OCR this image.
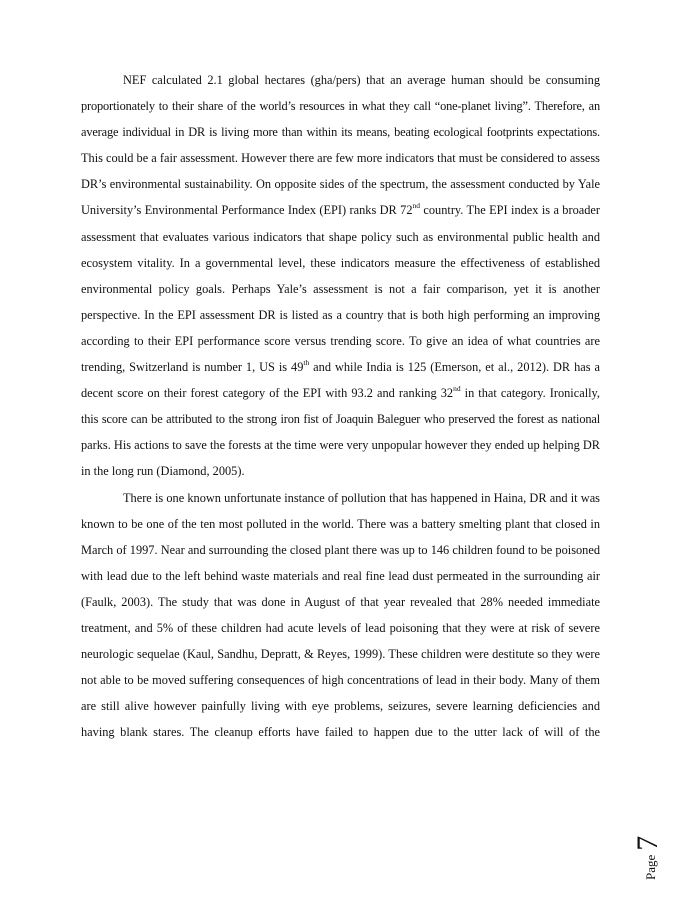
NEF calculated 2.1 global hectares (gha/pers) that an average human should be consuming
proportionately to their share of the world’s resources in what they call “one-planet living”. Therefore, an
average individual in DR is living more than within its means, beating ecological footprints expectations.
This could be a fair assessment. However there are few more indicators that must be considered to assess
DR’s environmental sustainability. On opposite sides of the spectrum, the assessment conducted by Yale
University’s Environmental Performance Index (EPI) ranks DR 72nd country. The EPI index is a broader
assessment that evaluates various indicators that shape policy such as environmental public health and
ecosystem vitality. In a governmental level, these indicators measure the effectiveness of established
environmental policy goals. Perhaps Yale’s assessment is not a fair comparison, yet it is another
perspective. In the EPI assessment DR is listed as a country that is both high performing an improving
according to their EPI performance score versus trending score. To give an idea of what countries are
trending, Switzerland is number 1, US is 49th and while India is 125 (Emerson, et al., 2012). DR has a
decent score on their forest category of the EPI with 93.2 and ranking 32nd in that category. Ironically,
this score can be attributed to the strong iron fist of Joaquin Baleguer who preserved the forest as national
parks. His actions to save the forests at the time were very unpopular however they ended up helping DR
in the long run (Diamond, 2005).
There is one known unfortunate instance of pollution that has happened in Haina, DR and it was
known to be one of the ten most polluted in the world. There was a battery smelting plant that closed in
March of 1997. Near and surrounding the closed plant there was up to 146 children found to be poisoned
with lead due to the left behind waste materials and real fine lead dust permeated in the surrounding air
(Faulk, 2003). The study that was done in August of that year revealed that 28% needed immediate
treatment, and 5% of these children had acute levels of lead poisoning that they were at risk of severe
neurologic sequelae (Kaul, Sandhu, Depratt, & Reyes, 1999). These children were destitute so they were
not able to be moved suffering consequences of high concentrations of lead in their body. Many of them
are still alive however painfully living with eye problems, seizures, severe learning deficiencies and
having blank stares. The cleanup efforts have failed to happen due to the utter lack of will of the
Page
7
